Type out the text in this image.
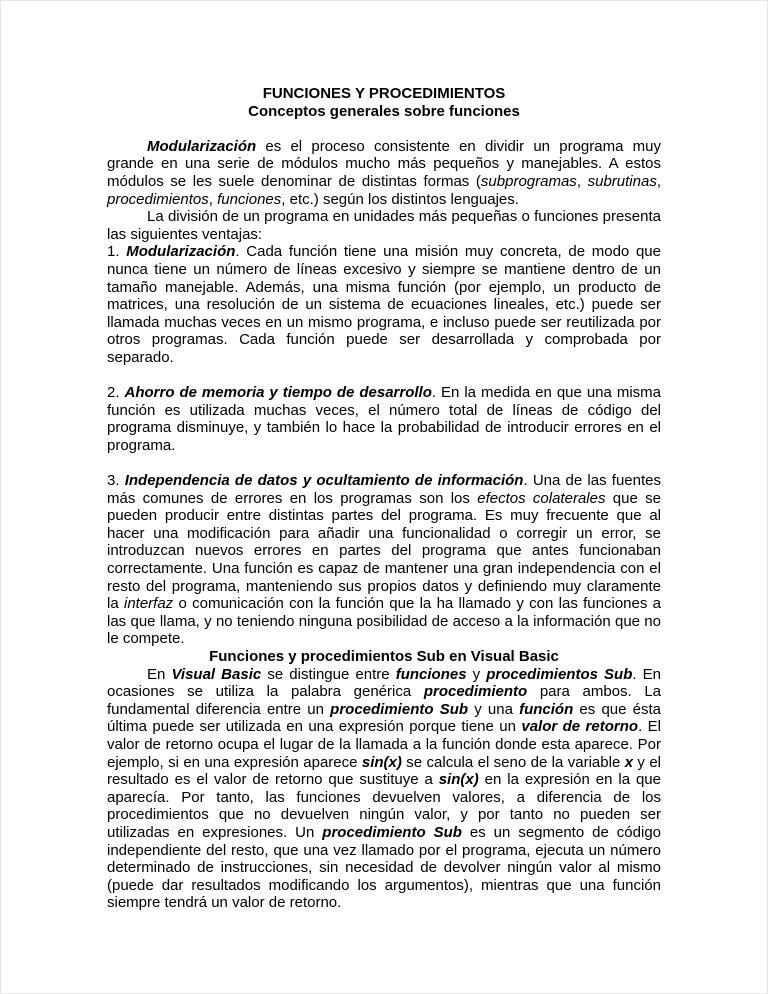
FUNCIONES Y PROCEDIMIENTOS

Conceptos generales sobre funciones

Modularización es el proceso consistente en dividir un programa muy grande en una serie de módulos mucho más pequeños y manejables. A estos módulos se les suele denominar de distintas formas (subprogramas, subrutinas, procedimientos, funciones, etc.) según los distintos lenguajes.

La división de un programa en unidades más pequeñas o funciones presenta las siguientes ventajas:

1. Modularización. Cada función tiene una misión muy concreta, de modo que nunca tiene un número de líneas excesivo y siempre se mantiene dentro de un tamaño manejable. Además, una misma función (por ejemplo, un producto de matrices, una resolución de un sistema de ecuaciones lineales, etc.) puede ser llamada muchas veces en un mismo programa, e incluso puede ser reutilizada por otros programas. Cada función puede ser desarrollada y comprobada por separado.

2. Ahorro de memoria y tiempo de desarrollo. En la medida en que una misma función es utilizada muchas veces, el número total de líneas de código del programa disminuye, y también lo hace la probabilidad de introducir errores en el programa.

3. Independencia de datos y ocultamiento de información. Una de las fuentes más comunes de errores en los programas son los efectos colaterales que se pueden producir entre distintas partes del programa. Es muy frecuente que al hacer una modificación para añadir una funcionalidad o corregir un error, se introduzcan nuevos errores en partes del programa que antes funcionaban correctamente. Una función es capaz de mantener una gran independencia con el resto del programa, manteniendo sus propios datos y definiendo muy claramente la interfaz o comunicación con la función que la ha llamado y con las funciones a las que llama, y no teniendo ninguna posibilidad de acceso a la información que no le compete.

Funciones y procedimientos Sub en Visual Basic

En Visual Basic se distingue entre funciones y procedimientos Sub. En ocasiones se utiliza la palabra genérica procedimiento para ambos. La fundamental diferencia entre un procedimiento Sub y una función es que ésta última puede ser utilizada en una expresión porque tiene un valor de retorno. El valor de retorno ocupa el lugar de la llamada a la función donde esta aparece. Por ejemplo, si en una expresión aparece sin(x) se calcula el seno de la variable x y el resultado es el valor de retorno que sustituye a sin(x) en la expresión en la que aparecía. Por tanto, las funciones devuelven valores, a diferencia de los procedimientos que no devuelven ningún valor, y por tanto no pueden ser utilizadas en expresiones. Un procedimiento Sub es un segmento de código independiente del resto, que una vez llamado por el programa, ejecuta un número determinado de instrucciones, sin necesidad de devolver ningún valor al mismo (puede dar resultados modificando los argumentos), mientras que una función siempre tendrá un valor de retorno.
